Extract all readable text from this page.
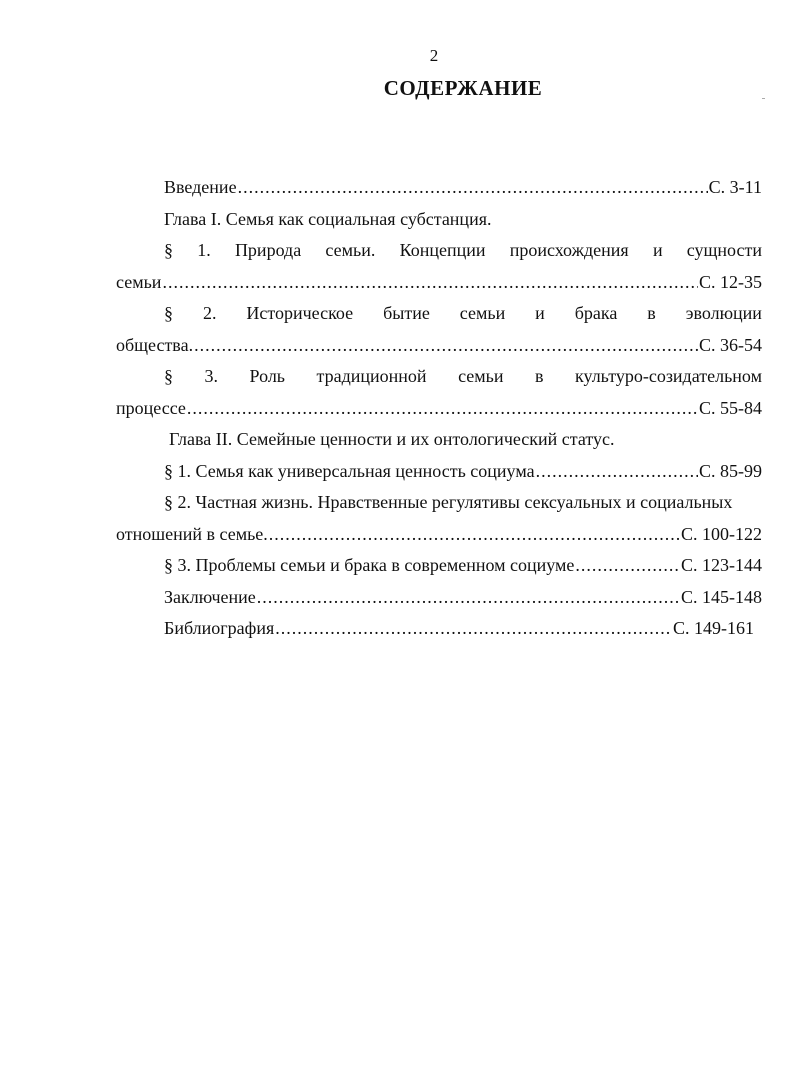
2
СОДЕРЖАНИЕ
Введение .....	С. 3-11
Глава I. Семья как социальная субстанция.
§ 1. Природа семьи. Концепции происхождения и сущности
семьи .....	С. 12-35
§ 2. Историческое бытие семьи и брака в эволюции
общества. .....	С. 36-54
§ 3. Роль традиционной семьи в культуро-созидательном
процессе .....	С. 55-84
Глава II. Семейные ценности и их онтологический статус.
§ 1. Семья как универсальная ценность социума .....	С. 85-99
§ 2. Частная жизнь. Нравственные регулятивы сексуальных и социальных
отношений в семье. .....	С. 100-122
§ 3. Проблемы семьи и брака в современном социуме .....	С. 123-144
Заключение .....	С. 145-148
Библиография .....	С. 149-161
